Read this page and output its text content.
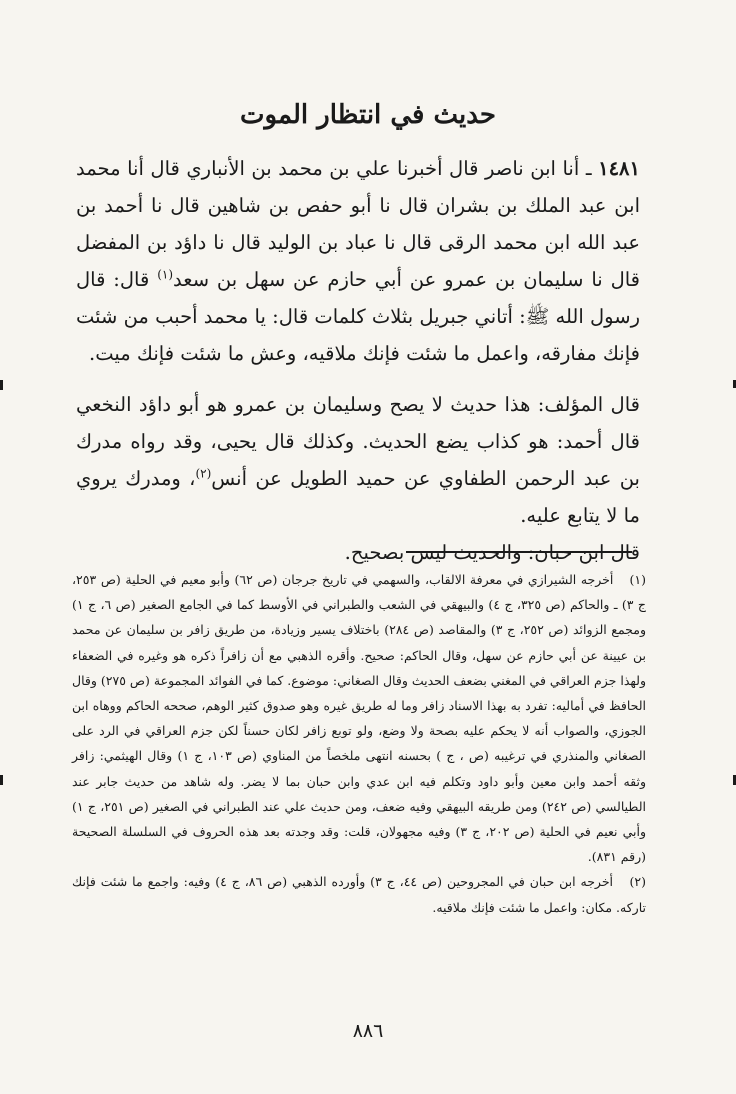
حديث في انتظار الموت

١٤٨١ ـ أنا ابن ناصر قال أخبرنا علي بن محمد بن الأنباري قال أنا محمد ابن عبد الملك بن بشران قال نا أبو حفص بن شاهين قال نا أحمد بن عبد الله ابن محمد الرقى قال نا عباد بن الوليد قال نا داؤد بن المفضل قال نا سليمان بن عمرو عن أبي حازم عن سهل بن سعد$^{(١)}$ قال: قال رسول الله ﷺ: أتاني جبريل بثلاث كلمات قال: يا محمد أحبب من شئت فإنك مفارقه، واعمل ما شئت فإنك ملاقيه، وعش ما شئت فإنك ميت.

قال المؤلف: هذا حديث لا يصح وسليمان بن عمرو هو أبو داؤد النخعي قال أحمد: هو كذاب يضع الحديث. وكذلك قال يحيى، وقد رواه مدرك بن عبد الرحمن الطفاوي عن حميد الطويل عن أنس$^{(٢)}$، ومدرك يروي ما لا يتابع عليه.

قال ابن حبان: والحديث ليس بصحيح.

(١) أخرجه الشيرازي في معرفة الالقاب، والسهمي في تاريخ جرجان (ص ٦٢) وأبو معيم في الحلية (ص ٢٥٣، ج ٣) ـ والحاكم (ص ٣٢٥، ج ٤) والبيهقي في الشعب والطبراني في الأوسط كما في الجامع الصغير (ص ٦، ج ١) ومجمع الزوائد (ص ٢٥٢، ج ٣) والمقاصد (ص ٢٨٤) باختلاف يسير وزيادة، من طريق زافر بن سليمان عن محمد بن عيينة عن أبي حازم عن سهل، وقال الحاكم: صحيح. وأقره الذهبي مع أن زافراً ذكره هو وغيره في الضعفاء ولهذا جزم العراقي في المغني بضعف الحديث وقال الصغاني: موضوع. كما في الفوائد المجموعة (ص ٢٧٥) وقال الحافظ في أماليه: تفرد به بهذا الاسناد زافر وما له طريق غيره وهو صدوق كثير الوهم، صححه الحاكم ووهاه ابن الجوزي، والصواب أنه لا يحكم عليه بصحة ولا وضع، ولو توبع زافر لكان حسناً لكن جزم العراقي في الرد على الصغاني والمنذري في ترغيبه (ص ، ج ) بحسنه انتهى ملخصاً من المناوي (ص ١٠٣، ج ١) وقال الهيثمي: زافر وثقه أحمد وابن معين وأبو داود وتكلم فيه ابن عدي وابن حبان بما لا يضر. وله شاهد من حديث جابر عند الطيالسي (ص ٢٤٢) ومن طريقه البيهقي وفيه ضعف، ومن حديث علي عند الطبراني في الصغير (ص ٢٥١، ج ١) وأبي نعيم في الحلية (ص ٢٠٢، ج ٣) وفيه مجهولان، قلت: وقد وجدته بعد هذه الحروف في السلسلة الصحيحة (رقم ٨٣١).

(٢) أخرجه ابن حبان في المجروحين (ص ٤٤، ج ٣) وأورده الذهبي (ص ٨٦، ج ٤) وفيه: واجمع ما شئت فإنك تاركه. مكان: واعمل ما شئت فإنك ملاقيه.

٨٨٦
